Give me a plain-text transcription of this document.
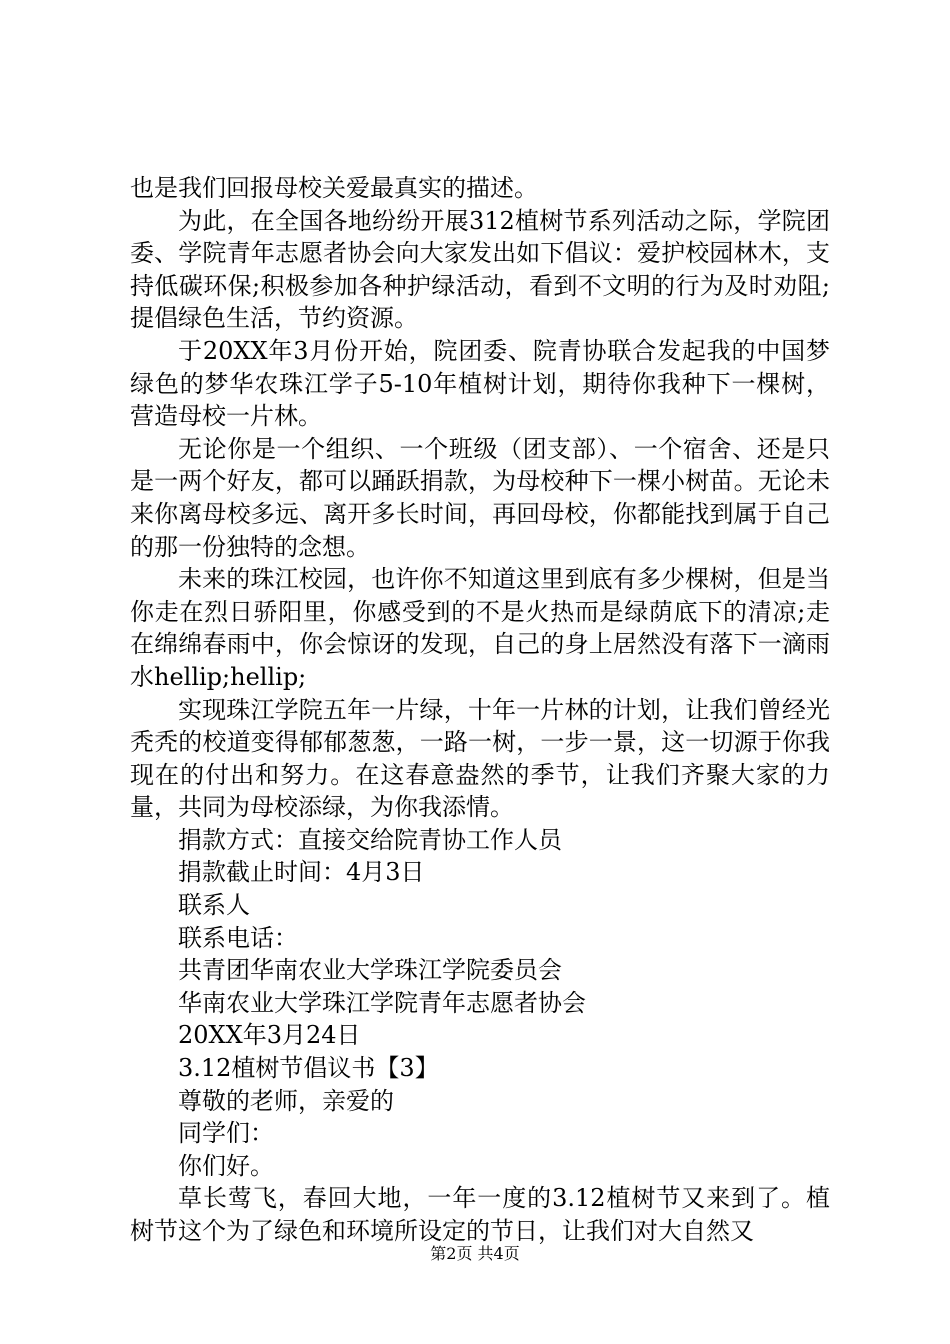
也是我们回报母校关爱最真实的描述。

为此，在全国各地纷纷开展312植树节系列活动之际，学院团委、学院青年志愿者协会向大家发出如下倡议：爱护校园林木，支持低碳环保;积极参加各种护绿活动，看到不文明的行为及时劝阻;提倡绿色生活，节约资源。

于20XX年3月份开始，院团委、院青协联合发起我的中国梦绿色的梦华农珠江学子5-10年植树计划，期待你我种下一棵树，营造母校一片林。

无论你是一个组织、一个班级（团支部）、一个宿舍、还是只是一两个好友，都可以踊跃捐款，为母校种下一棵小树苗。无论未来你离母校多远、离开多长时间，再回母校，你都能找到属于自己的那一份独特的念想。

未来的珠江校园，也许你不知道这里到底有多少棵树，但是当你走在烈日骄阳里，你感受到的不是火热而是绿荫底下的清凉;走在绵绵春雨中，你会惊讶的发现，自己的身上居然没有落下一滴雨水hellip;hellip;

实现珠江学院五年一片绿，十年一片林的计划，让我们曾经光秃秃的校道变得郁郁葱葱，一路一树，一步一景，这一切源于你我现在的付出和努力。在这春意盎然的季节，让我们齐聚大家的力量，共同为母校添绿，为你我添情。

捐款方式：直接交给院青协工作人员

捐款截止时间：4月3日

联系人

联系电话：

共青团华南农业大学珠江学院委员会

华南农业大学珠江学院青年志愿者协会

20XX年3月24日

3.12植树节倡议书【3】

尊敬的老师，亲爱的

同学们：

你们好。

草长莺飞，春回大地，一年一度的3.12植树节又来到了。植树节这个为了绿色和环境所设定的节日，让我们对大自然又

第2页 共4页
